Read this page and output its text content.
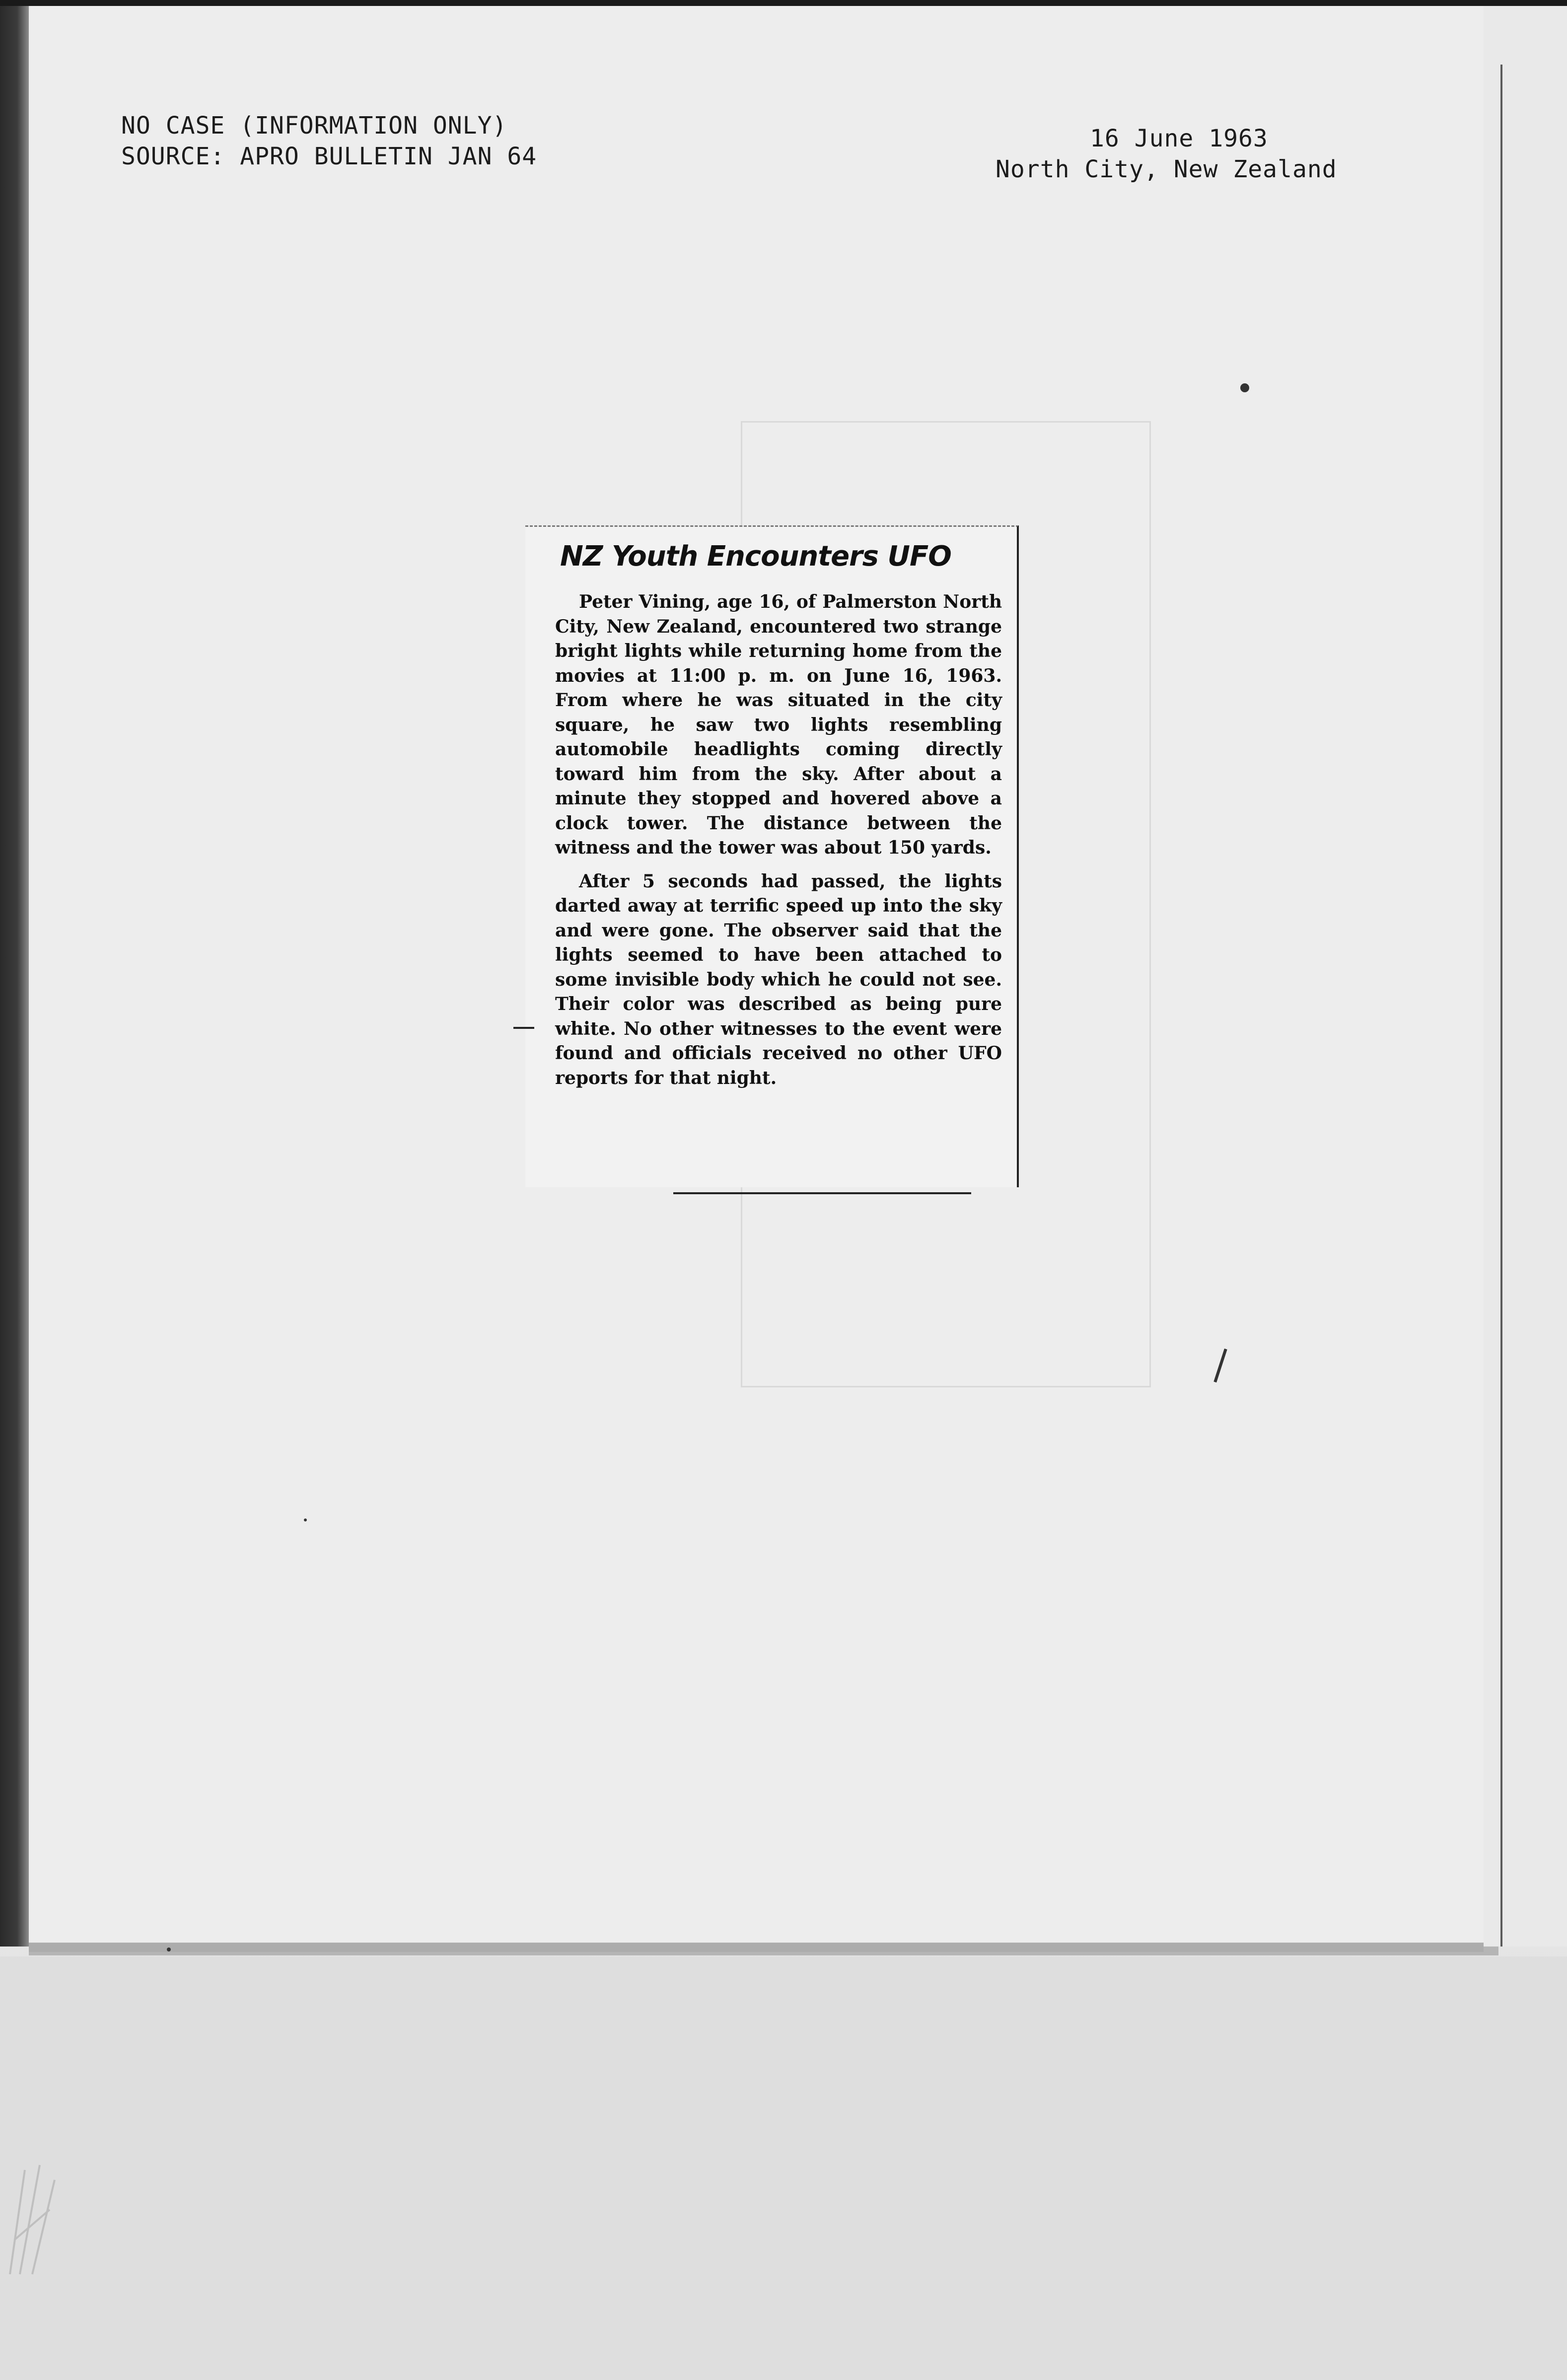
NO CASE (INFORMATION ONLY)
SOURCE: APRO BULLETIN JAN 64
16 June 1963
North City, New Zealand
NZ Youth Encounters UFO

Peter Vining, age 16, of Palmerston North City, New Zealand, encountered two strange bright lights while returning home from the movies at 11:00 p. m. on June 16, 1963. From where he was situated in the city square, he saw two lights resembling automobile headlights coming directly toward him from the sky. After about a minute they stopped and hovered above a clock tower. The distance between the witness and the tower was about 150 yards.

After 5 seconds had passed, the lights darted away at terrific speed up into the sky and were gone. The observer said that the lights seemed to have been attached to some invisible body which he could not see. Their color was described as being pure white. No other witnesses to the event were found and officials received no other UFO reports for that night.
